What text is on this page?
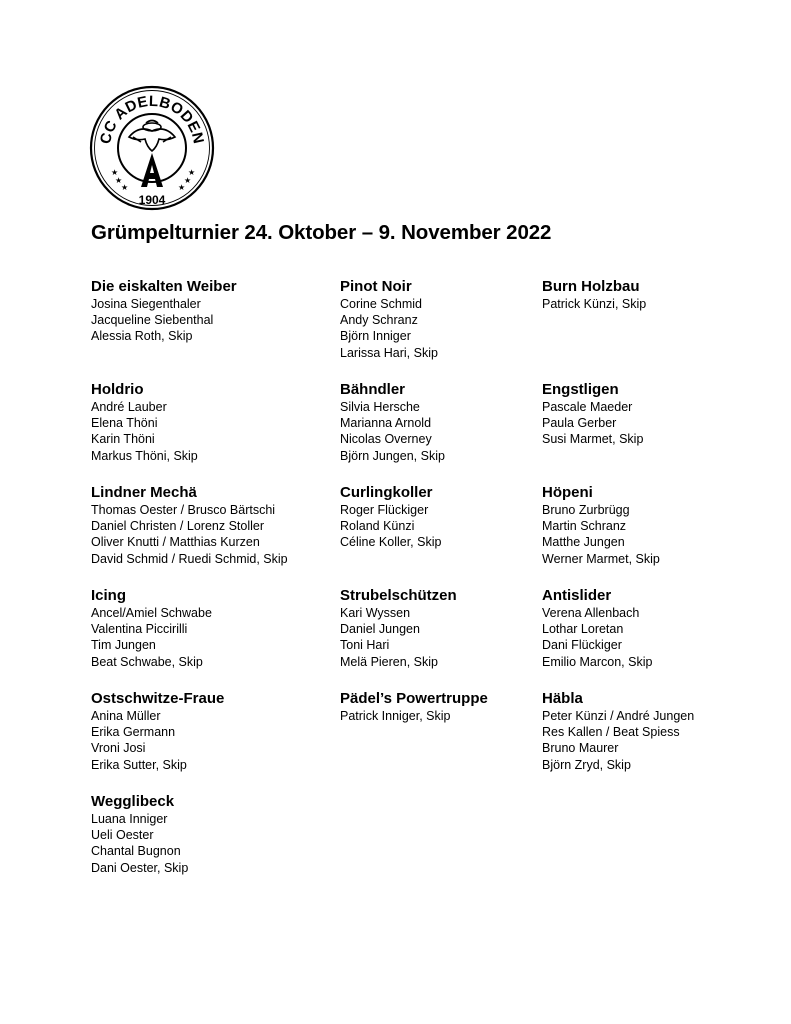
CC ADELBODEN
★
★
★	★
★
★
1904
Grümpelturnier 24. Oktober – 9. November 2022
Die eiskalten Weiber
Josina Siegenthaler
Jacqueline Siebenthal
Alessia Roth, Skip
Pinot Noir
Corine Schmid
Andy Schranz
Björn Inniger
Larissa Hari, Skip
Burn Holzbau
Patrick Künzi, Skip
Holdrio
André Lauber
Elena Thöni
Karin Thöni
Markus Thöni, Skip
Bähndler
Silvia Hersche
Marianna Arnold
Nicolas Overney
Björn Jungen, Skip
Engstligen
Pascale Maeder
Paula Gerber
Susi Marmet, Skip
Lindner Mechä
Thomas Oester / Brusco Bärtschi
Daniel Christen / Lorenz Stoller
Oliver Knutti / Matthias Kurzen
David Schmid / Ruedi Schmid, Skip
Curlingkoller
Roger Flückiger
Roland Künzi
Céline Koller, Skip
Höpeni
Bruno Zurbrügg
Martin Schranz
Matthe Jungen
Werner Marmet, Skip
Icing
Ancel/Amiel Schwabe
Valentina Piccirilli
Tim Jungen
Beat Schwabe, Skip
Strubelschützen
Kari Wyssen
Daniel Jungen
Toni Hari
Melä Pieren, Skip
Antislider
Verena Allenbach
Lothar Loretan
Dani Flückiger
Emilio Marcon, Skip
Ostschwitze-Fraue
Anina Müller
Erika Germann
Vroni Josi
Erika Sutter, Skip
Pädel’s Powertruppe
Patrick Inniger, Skip
Häbla
Peter Künzi / André Jungen
Res Kallen / Beat Spiess
Bruno Maurer
Björn Zryd, Skip
Wegglibeck
Luana Inniger
Ueli Oester
Chantal Bugnon
Dani Oester, Skip
